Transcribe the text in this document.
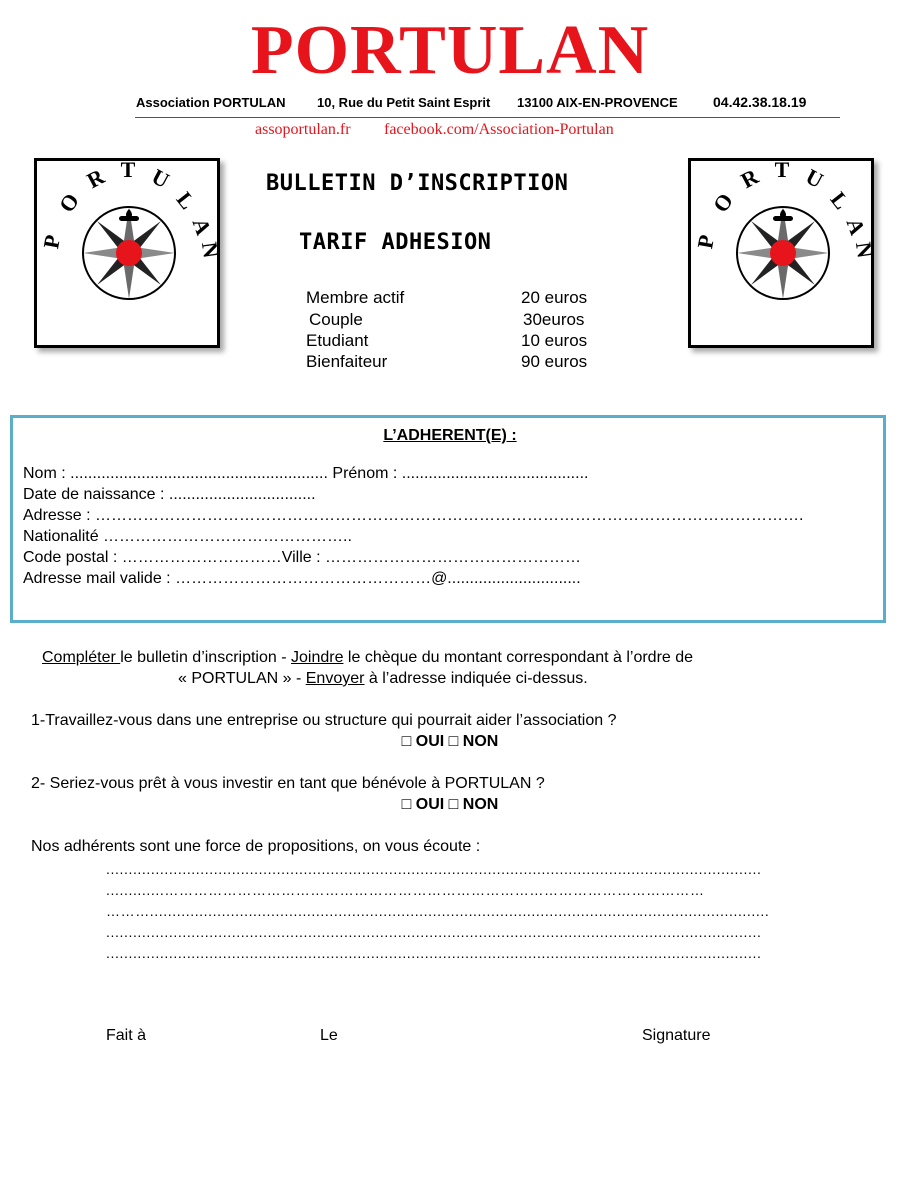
PORTULAN
Association PORTULAN 10, Rue du Petit Saint Esprit 13100 AIX-EN-PROVENCE	04.42.38.18.19
assoportulan.fr facebook.com/Association-Portulan
P
O
R T U
L
A
N	P
O
R T U
L
A
N
BULLETIN D’INSCRIPTION
TARIF ADHESION
Membre actif	20 euros
Couple	30euros
Etudiant	10 euros
Bienfaiteur	90 euros
L’ADHERENT(E) :
Nom : .......................................................... Prénom : ..........................................
Date de naissance : .................................
Adresse : …………………………………………………………………………………………………………………….
Nationalité ………………………………………..
Code postal : …………………………Ville : …………………………………………
Adresse mail valide : …………………………………………@..............................
Compléter le bulletin d’inscription - Joindre le chèque du montant correspondant à l’ordre de
« PORTULAN » - Envoyer à l’adresse indiquée ci-dessus.
1-Travaillez-vous dans une entreprise ou structure qui pourrait aider l’association ?
□ OUI □ NON
2- Seriez-vous prêt à vous investir en tant que bénévole à PORTULAN ?
□ OUI □ NON
Nos adhérents sont une force de propositions, on vous écoute :
..................................................................................................................................................
.............…………………………………………………………………………………………………
………..........................................................................................................................................
..................................................................................................................................................
..................................................................................................................................................
Fait à	Le	Signature
